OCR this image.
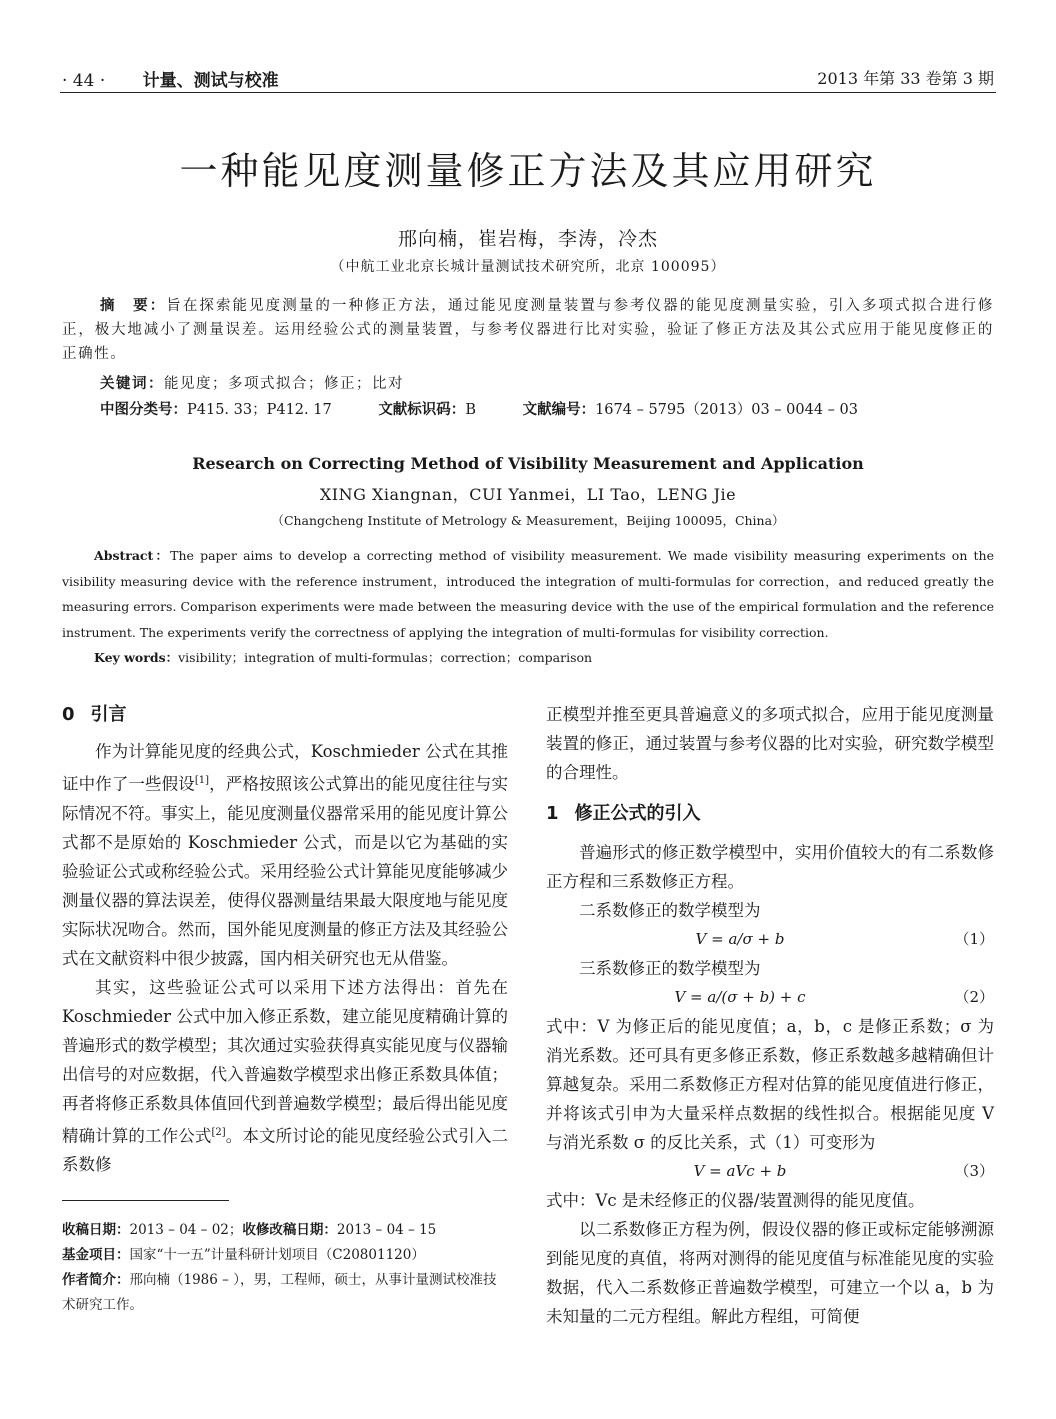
· 44 · 计量、测试与校准	2013 年第 33 卷第 3 期
一种能见度测量修正方法及其应用研究
邢向楠，崔岩梅，李涛，冷杰
（中航工业北京长城计量测试技术研究所，北京 100095）
摘　要：旨在探索能见度测量的一种修正方法，通过能见度测量装置与参考仪器的能见度测量实验，引入多项式拟合进行修正，极大地减小了测量误差。运用经验公式的测量装置，与参考仪器进行比对实验，验证了修正方法及其公式应用于能见度修正的正确性。
关键词：能见度；多项式拟合；修正；比对
中图分类号：P415. 33；P412. 17	文献标识码：B	文献编号：1674 – 5795（2013）03 – 0044 – 03
Research on Correcting Method of Visibility Measurement and Application
XING Xiangnan，CUI Yanmei，LI Tao，LENG Jie
（Changcheng Institute of Metrology & Measurement，Beijing 100095，China）
Abstract：The paper aims to develop a correcting method of visibility measurement. We made visibility measuring experiments on the visibility measuring device with the reference instrument，introduced the integration of multi-formulas for correction，and reduced greatly the measuring errors. Comparison experiments were made between the measuring device with the use of the empirical formulation and the reference instrument. The experiments verify the correctness of applying the integration of multi-formulas for visibility correction.
Key words：visibility；integration of multi-formulas；correction；comparison
0 引言

作为计算能见度的经典公式，Koschmieder 公式在其推证中作了一些假设[1]，严格按照该公式算出的能见度往往与实际情况不符。事实上，能见度测量仪器常采用的能见度计算公式都不是原始的 Koschmieder 公式，而是以它为基础的实验验证公式或称经验公式。采用经验公式计算能见度能够减少测量仪器的算法误差，使得仪器测量结果最大限度地与能见度实际状况吻合。然而，国外能见度测量的修正方法及其经验公式在文献资料中很少披露，国内相关研究也无从借鉴。

其实，这些验证公式可以采用下述方法得出：首先在 Koschmieder 公式中加入修正系数，建立能见度精确计算的普遍形式的数学模型；其次通过实验获得真实能见度与仪器输出信号的对应数据，代入普遍数学模型求出修正系数具体值；再者将修正系数具体值回代到普遍数学模型；最后得出能见度精确计算的工作公式[2]。本文所讨论的能见度经验公式引入二系数修

收稿日期：2013 – 04 – 02；收修改稿日期：2013 – 04 – 15
基金项目：国家“十一五”计量科研计划项目（C20801120）
作者简介：邢向楠（1986 – ），男，工程师，硕士，从事计量测试校准技术研究工作。

正模型并推至更具普遍意义的多项式拟合，应用于能见度测量装置的修正，通过装置与参考仪器的比对实验，研究数学模型的合理性。

1 修正公式的引入

普遍形式的修正数学模型中，实用价值较大的有二系数修正方程和三系数修正方程。

二系数修正的数学模型为

V = a/σ + b	（1）

三系数修正的数学模型为

V = a/(σ + b) + c	（2）

式中：V 为修正后的能见度值；a，b，c 是修正系数；σ 为消光系数。还可具有更多修正系数，修正系数越多越精确但计算越复杂。采用二系数修正方程对估算的能见度值进行修正，并将该式引申为大量采样点数据的线性拟合。根据能见度 V 与消光系数 σ 的反比关系，式（1）可变形为

V = aVc + b	（3）

式中：Vc 是未经修正的仪器/装置测得的能见度值。

以二系数修正方程为例，假设仪器的修正或标定能够溯源到能见度的真值，将两对测得的能见度值与标准能见度的实验数据，代入二系数修正普遍数学模型，可建立一个以 a，b 为未知量的二元方程组。解此方程组，可简便
